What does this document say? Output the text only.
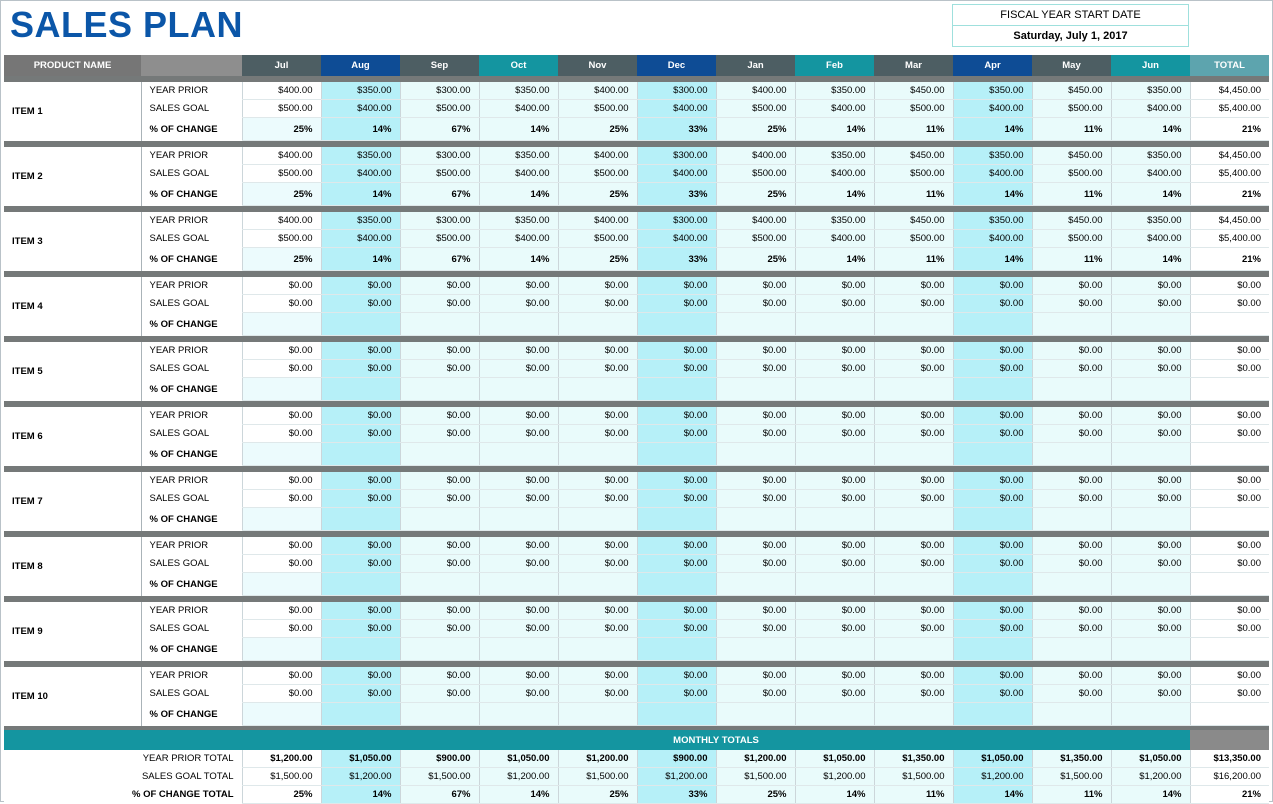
SALES PLAN	FISCAL YEAR START DATE
Saturday, July 1, 2017
PRODUCT NAME		Jul	Aug	Sep	Oct	Nov	Dec	Jan	Feb	Mar	Apr	May	Jun	TOTAL

ITEM 1	YEAR PRIOR	$400.00	$350.00	$300.00	$350.00	$400.00	$300.00	$400.00	$350.00	$450.00	$350.00	$450.00	$350.00	$4,450.00
	SALES GOAL	$500.00	$400.00	$500.00	$400.00	$500.00	$400.00	$500.00	$400.00	$500.00	$400.00	$500.00	$400.00	$5,400.00
	% OF CHANGE	25%	14%	67%	14%	25%	33%	25%	14%	11%	14%	11%	14%	21%

ITEM 2	YEAR PRIOR	$400.00	$350.00	$300.00	$350.00	$400.00	$300.00	$400.00	$350.00	$450.00	$350.00	$450.00	$350.00	$4,450.00
	SALES GOAL	$500.00	$400.00	$500.00	$400.00	$500.00	$400.00	$500.00	$400.00	$500.00	$400.00	$500.00	$400.00	$5,400.00
	% OF CHANGE	25%	14%	67%	14%	25%	33%	25%	14%	11%	14%	11%	14%	21%

ITEM 3	YEAR PRIOR	$400.00	$350.00	$300.00	$350.00	$400.00	$300.00	$400.00	$350.00	$450.00	$350.00	$450.00	$350.00	$4,450.00
	SALES GOAL	$500.00	$400.00	$500.00	$400.00	$500.00	$400.00	$500.00	$400.00	$500.00	$400.00	$500.00	$400.00	$5,400.00
	% OF CHANGE	25%	14%	67%	14%	25%	33%	25%	14%	11%	14%	11%	14%	21%

ITEM 4	YEAR PRIOR	$0.00	$0.00	$0.00	$0.00	$0.00	$0.00	$0.00	$0.00	$0.00	$0.00	$0.00	$0.00	$0.00
	SALES GOAL	$0.00	$0.00	$0.00	$0.00	$0.00	$0.00	$0.00	$0.00	$0.00	$0.00	$0.00	$0.00	$0.00
	% OF CHANGE													

ITEM 5	YEAR PRIOR	$0.00	$0.00	$0.00	$0.00	$0.00	$0.00	$0.00	$0.00	$0.00	$0.00	$0.00	$0.00	$0.00
	SALES GOAL	$0.00	$0.00	$0.00	$0.00	$0.00	$0.00	$0.00	$0.00	$0.00	$0.00	$0.00	$0.00	$0.00
	% OF CHANGE													

ITEM 6	YEAR PRIOR	$0.00	$0.00	$0.00	$0.00	$0.00	$0.00	$0.00	$0.00	$0.00	$0.00	$0.00	$0.00	$0.00
	SALES GOAL	$0.00	$0.00	$0.00	$0.00	$0.00	$0.00	$0.00	$0.00	$0.00	$0.00	$0.00	$0.00	$0.00
	% OF CHANGE													

ITEM 7	YEAR PRIOR	$0.00	$0.00	$0.00	$0.00	$0.00	$0.00	$0.00	$0.00	$0.00	$0.00	$0.00	$0.00	$0.00
	SALES GOAL	$0.00	$0.00	$0.00	$0.00	$0.00	$0.00	$0.00	$0.00	$0.00	$0.00	$0.00	$0.00	$0.00
	% OF CHANGE													

ITEM 8	YEAR PRIOR	$0.00	$0.00	$0.00	$0.00	$0.00	$0.00	$0.00	$0.00	$0.00	$0.00	$0.00	$0.00	$0.00
	SALES GOAL	$0.00	$0.00	$0.00	$0.00	$0.00	$0.00	$0.00	$0.00	$0.00	$0.00	$0.00	$0.00	$0.00
	% OF CHANGE													

ITEM 9	YEAR PRIOR	$0.00	$0.00	$0.00	$0.00	$0.00	$0.00	$0.00	$0.00	$0.00	$0.00	$0.00	$0.00	$0.00
	SALES GOAL	$0.00	$0.00	$0.00	$0.00	$0.00	$0.00	$0.00	$0.00	$0.00	$0.00	$0.00	$0.00	$0.00
	% OF CHANGE													

ITEM 10	YEAR PRIOR	$0.00	$0.00	$0.00	$0.00	$0.00	$0.00	$0.00	$0.00	$0.00	$0.00	$0.00	$0.00	$0.00
	SALES GOAL	$0.00	$0.00	$0.00	$0.00	$0.00	$0.00	$0.00	$0.00	$0.00	$0.00	$0.00	$0.00	$0.00
	% OF CHANGE													

		MONTHLY TOTALS												
YEAR PRIOR TOTAL		$1,200.00	$1,050.00	$900.00	$1,050.00	$1,200.00	$900.00	$1,200.00	$1,050.00	$1,350.00	$1,050.00	$1,350.00	$1,050.00	$13,350.00
SALES GOAL TOTAL		$1,500.00	$1,200.00	$1,500.00	$1,200.00	$1,500.00	$1,200.00	$1,500.00	$1,200.00	$1,500.00	$1,200.00	$1,500.00	$1,200.00	$16,200.00
% OF CHANGE TOTAL		25%	14%	67%	14%	25%	33%	25%	14%	11%	14%	11%	14%	21%
